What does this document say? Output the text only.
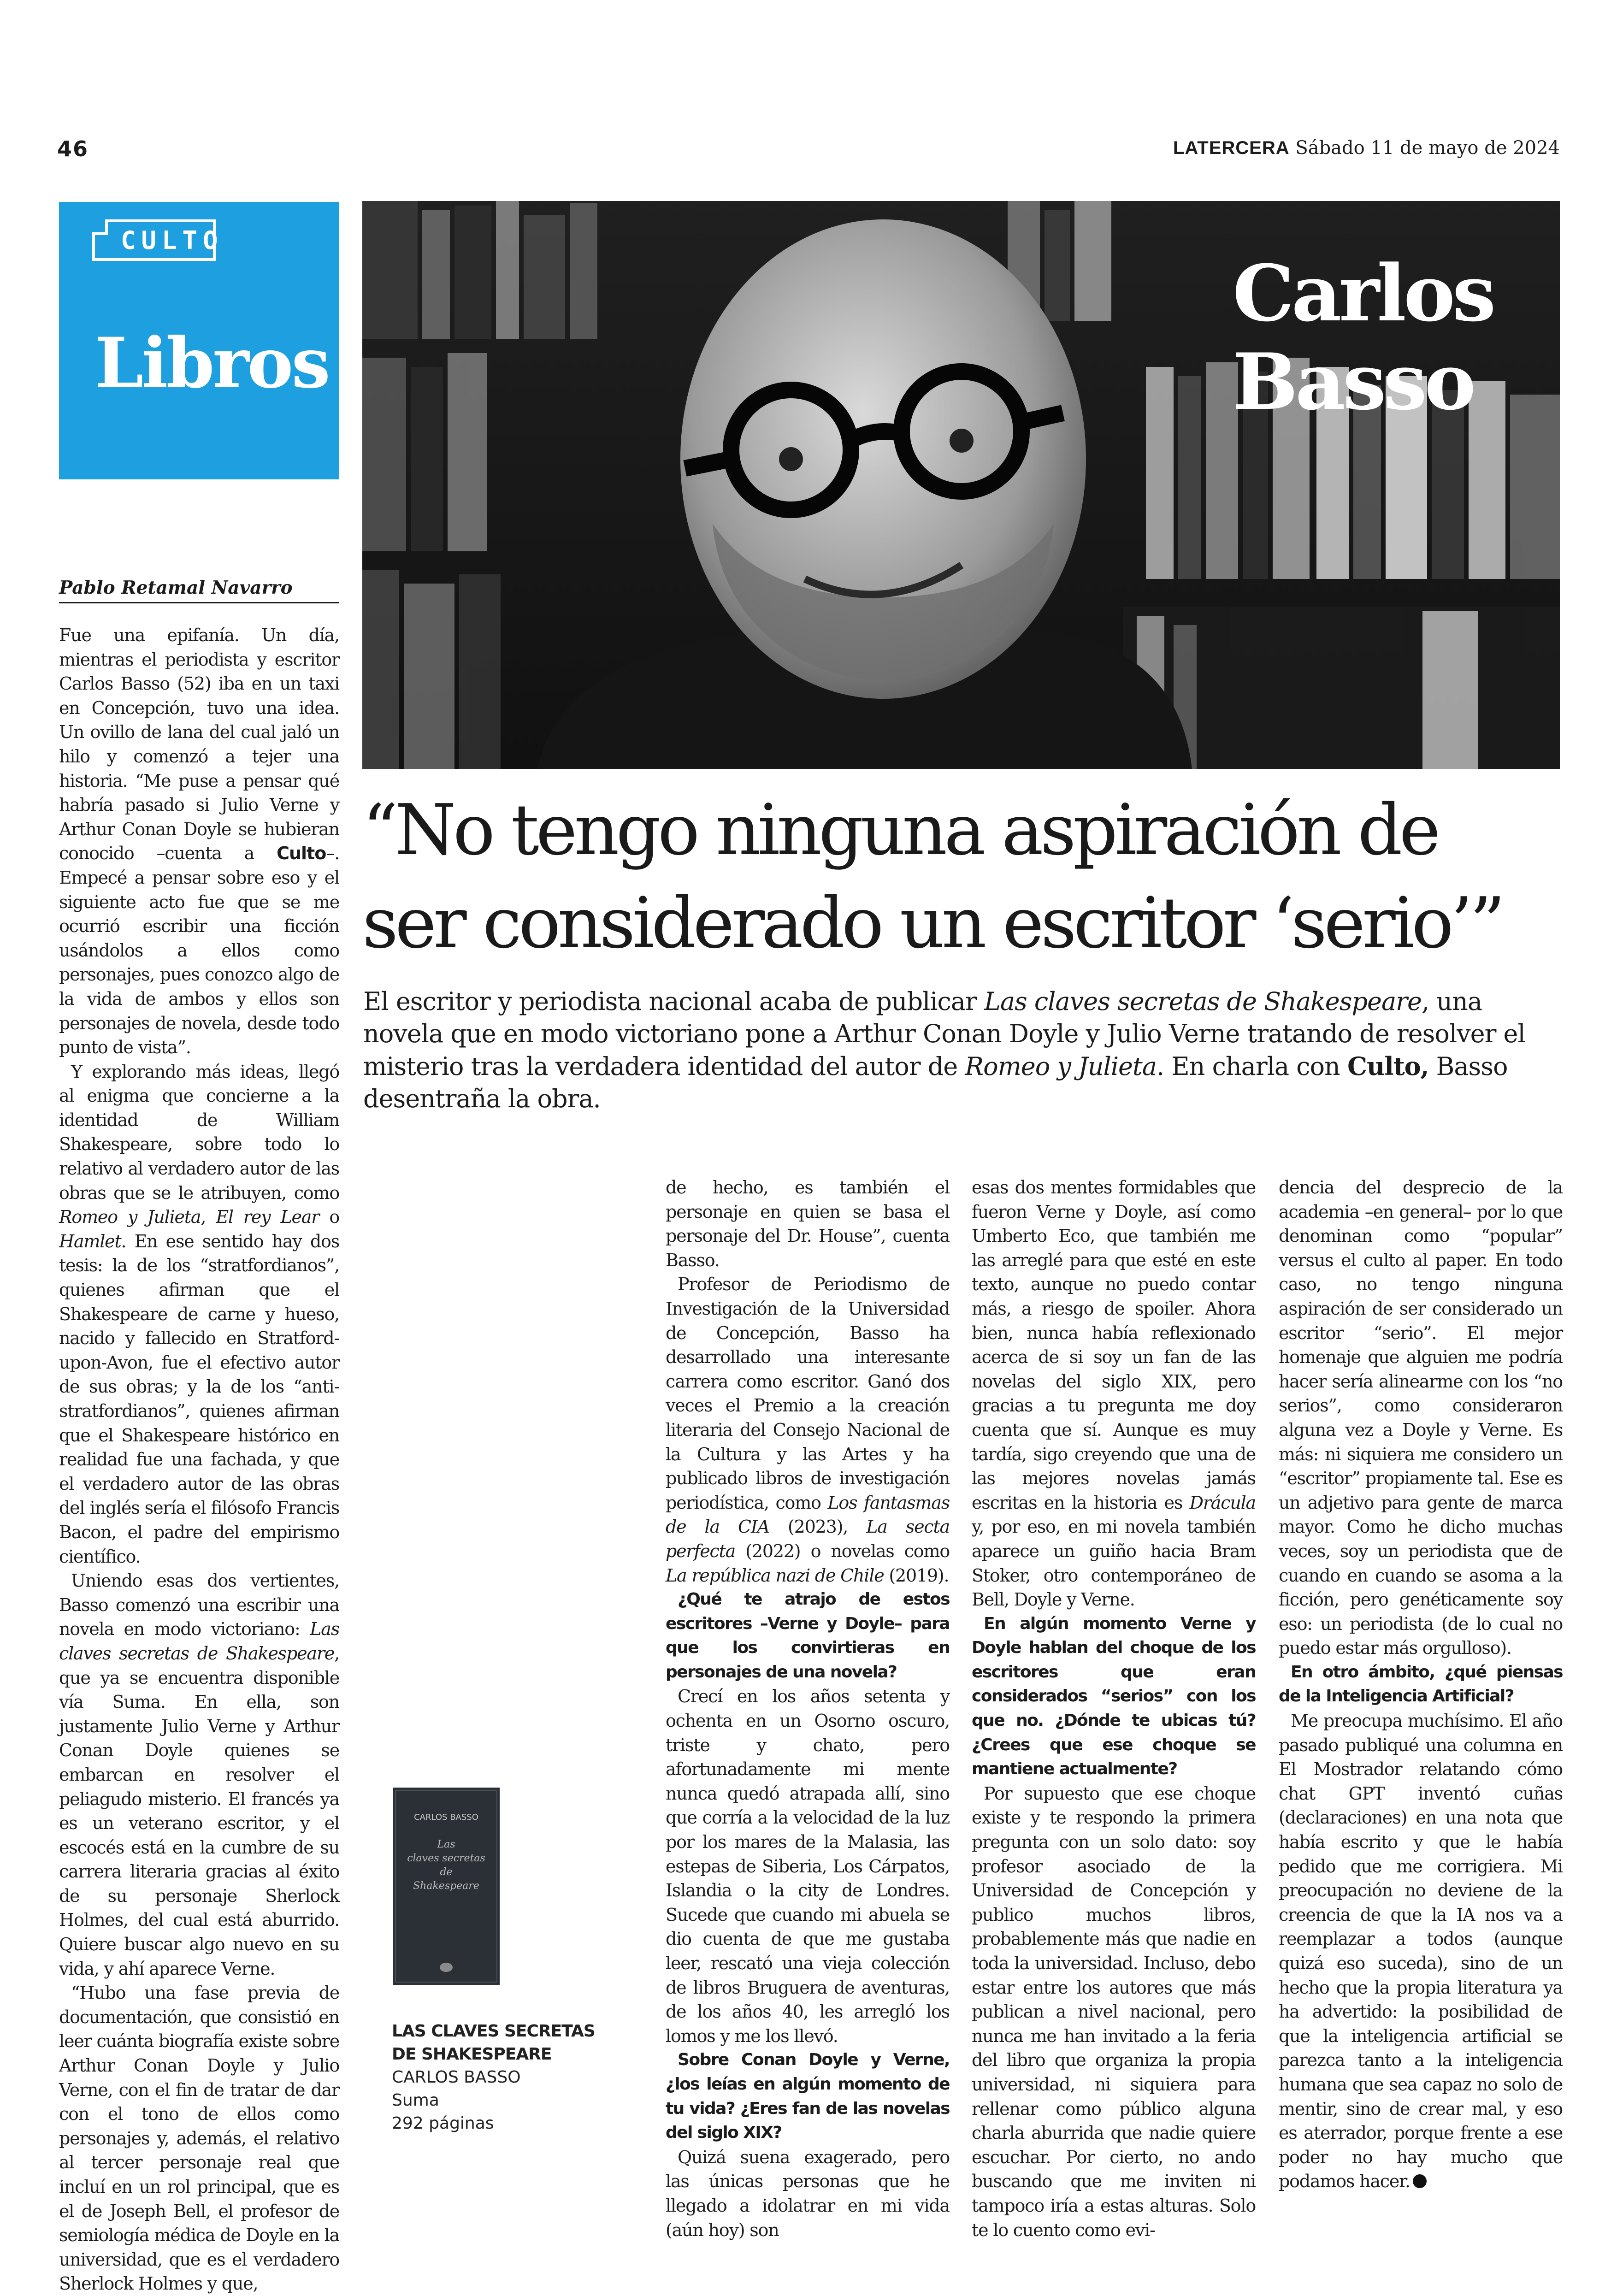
46	LATERCERA Sábado 11 de mayo de 2024
CULTO
Libros
Carlos
Basso
“No tengo ninguna aspiración de
ser considerado un escritor ‘serio’”
El escritor y periodista nacional acaba de publicar Las claves secretas de Shakespeare, una novela que en modo victoriano pone a Arthur Conan Doyle y Julio Verne tratando de resolver el misterio tras la verdadera identidad del autor de Romeo y Julieta. En charla con Culto, Basso desentraña la obra.
Pablo Retamal Navarro

Fue una epifanía. Un día, mientras el periodista y escritor Carlos Basso (52) iba en un taxi en Concepción, tuvo una idea. Un ovillo de lana del cual jaló un hilo y comenzó a tejer una historia. “Me puse a pensar qué habría pasado si Julio Verne y Arthur Conan Doyle se hubieran conocido –cuenta a Culto–. Empecé a pensar sobre eso y el siguiente acto fue que se me ocurrió escribir una ficción usándolos a ellos como personajes, pues conozco algo de la vida de ambos y ellos son personajes de novela, desde todo punto de vista”.

Y explorando más ideas, llegó al enigma que concierne a la identidad de William Shakespeare, sobre todo lo relativo al verdadero autor de las obras que se le atribuyen, como Romeo y Julieta, El rey Lear o Hamlet. En ese sentido hay dos tesis: la de los “stratfordianos”, quienes afirman que el Shakespeare de carne y hueso, nacido y fallecido en Stratford-upon-Avon, fue el efectivo autor de sus obras; y la de los “anti-stratfordianos”, quienes afirman que el Shakespeare histórico en realidad fue una fachada, y que el verdadero autor de las obras del inglés sería el filósofo Francis Bacon, el padre del empirismo científico.

Uniendo esas dos vertientes, Basso comenzó una escribir una novela en modo victoriano: Las claves secretas de Shakespeare, que ya se encuentra disponible vía Suma. En ella, son justamente Julio Verne y Arthur Conan Doyle quienes se embarcan en resolver el peliagudo misterio. El francés ya es un veterano escritor, y el escocés está en la cumbre de su carrera literaria gracias al éxito de su personaje Sherlock Holmes, del cual está aburrido. Quiere buscar algo nuevo en su vida, y ahí aparece Verne.

“Hubo una fase previa de documentación, que consistió en leer cuánta biografía existe sobre Arthur Conan Doyle y Julio Verne, con el fin de tratar de dar con el tono de ellos como personajes y, además, el relativo al tercer personaje real que incluí en un rol principal, que es el de Joseph Bell, el profesor de semiología médica de Doyle en la universidad, que es el verdadero Sherlock Holmes y que,

CARLOS BASSO
Las
claves secretas
de
Shakespeare
LAS CLAVES SECRETAS
DE SHAKESPEARE
CARLOS BASSO
Suma
292 páginas

de hecho, es también el personaje en quien se basa el personaje del Dr. House”, cuenta Basso.

Profesor de Periodismo de Investigación de la Universidad de Concepción, Basso ha desarrollado una interesante carrera como escritor. Ganó dos veces el Premio a la creación literaria del Consejo Nacional de la Cultura y las Artes y ha publicado libros de investigación periodística, como Los fantasmas de la CIA (2023), La secta perfecta (2022) o novelas como La república nazi de Chile (2019).

¿Qué te atrajo de estos escritores –Verne y Doyle– para que los convirtieras en personajes de una novela?

Crecí en los años setenta y ochenta en un Osorno oscuro, triste y chato, pero afortunadamente mi mente nunca quedó atrapada allí, sino que corría a la velocidad de la luz por los mares de la Malasia, las estepas de Siberia, Los Cárpatos, Islandia o la city de Londres. Sucede que cuando mi abuela se dio cuenta de que me gustaba leer, rescató una vieja colección de libros Bruguera de aventuras, de los años 40, les arregló los lomos y me los llevó.

Sobre Conan Doyle y Verne, ¿los leías en algún momento de tu vida? ¿Eres fan de las novelas del siglo XIX?

Quizá suena exagerado, pero las únicas personas que he llegado a idolatrar en mi vida (aún hoy) son

esas dos mentes formidables que fueron Verne y Doyle, así como Umberto Eco, que también me las arreglé para que esté en este texto, aunque no puedo contar más, a riesgo de spoiler. Ahora bien, nunca había reflexionado acerca de si soy un fan de las novelas del siglo XIX, pero gracias a tu pregunta me doy cuenta que sí. Aunque es muy tardía, sigo creyendo que una de las mejores novelas jamás escritas en la historia es Drácula y, por eso, en mi novela también aparece un guiño hacia Bram Stoker, otro contemporáneo de Bell, Doyle y Verne.

En algún momento Verne y Doyle hablan del choque de los escritores que eran considerados “serios” con los que no. ¿Dónde te ubicas tú? ¿Crees que ese choque se mantiene actualmente?

Por supuesto que ese choque existe y te respondo la primera pregunta con un solo dato: soy profesor asociado de la Universidad de Concepción y publico muchos libros, probablemente más que nadie en toda la universidad. Incluso, debo estar entre los autores que más publican a nivel nacional, pero nunca me han invitado a la feria del libro que organiza la propia universidad, ni siquiera para rellenar como público alguna charla aburrida que nadie quiere escuchar. Por cierto, no ando buscando que me inviten ni tampoco iría a estas alturas. Solo te lo cuento como evi-

dencia del desprecio de la academia –en general– por lo que denominan como “popular” versus el culto al paper. En todo caso, no tengo ninguna aspiración de ser considerado un escritor “serio”. El mejor homenaje que alguien me podría hacer sería alinearme con los “no serios”, como consideraron alguna vez a Doyle y Verne. Es más: ni siquiera me considero un “escritor” propiamente tal. Ese es un adjetivo para gente de marca mayor. Como he dicho muchas veces, soy un periodista que de cuando en cuando se asoma a la ficción, pero genéticamente soy eso: un periodista (de lo cual no puedo estar más orgulloso).

En otro ámbito, ¿qué piensas de la Inteligencia Artificial?

Me preocupa muchísimo. El año pasado publiqué una columna en El Mostrador relatando cómo chat GPT inventó cuñas (declaraciones) en una nota que había escrito y que le había pedido que me corrigiera. Mi preocupación no deviene de la creencia de que la IA nos va a reemplazar a todos (aunque quizá eso suceda), sino de un hecho que la propia literatura ya ha advertido: la posibilidad de que la inteligencia artificial se parezca tanto a la inteligencia humana que sea capaz no solo de mentir, sino de crear mal, y eso es aterrador, porque frente a ese poder no hay mucho que podamos hacer.
